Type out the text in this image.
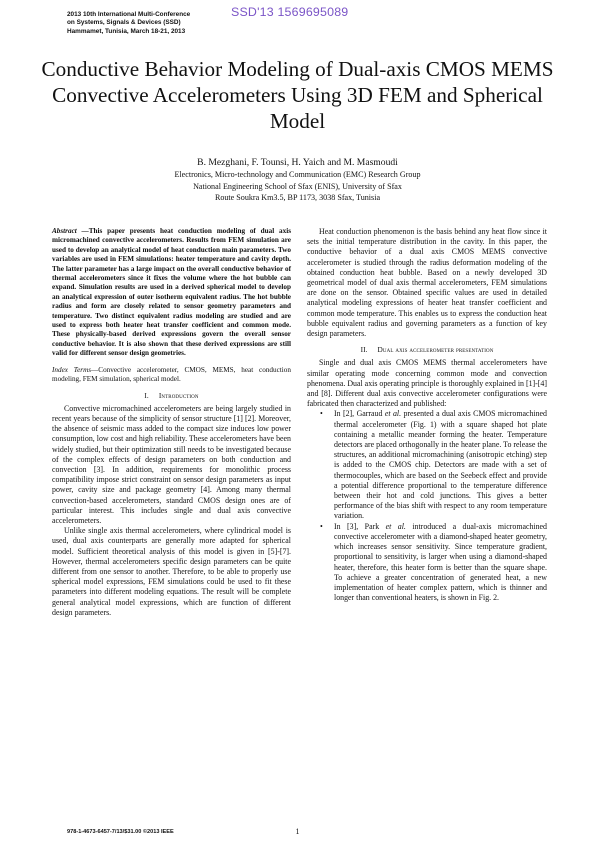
2013 10th International Multi-Conference
on Systems, Signals & Devices (SSD)
Hammamet, Tunisia, March 18-21, 2013
SSD'13 1569695089
Conductive Behavior Modeling of Dual-axis CMOS MEMS Convective Accelerometers Using 3D FEM and Spherical Model
B. Mezghani, F. Tounsi, H. Yaich and M. Masmoudi
Electronics, Micro-technology and Communication (EMC) Research Group
National Engineering School of Sfax (ENIS), University of Sfax
Route Soukra Km3.5, BP 1173, 3038 Sfax, Tunisia
Abstract —This paper presents heat conduction modeling of dual axis micromachined convective accelerometers. Results from FEM simulation are used to develop an analytical model of heat conduction main parameters. Two variables are used in FEM simulations: heater temperature and cavity depth. The latter parameter has a large impact on the overall conductive behavior of thermal accelerometers since it fixes the volume where the hot bubble can expand. Simulation results are used in a derived spherical model to develop an analytical expression of outer isotherm equivalent radius. The hot bubble radius and form are closely related to sensor geometry parameters and temperature. Two distinct equivalent radius modeling are studied and are used to express both heater heat transfer coefficient and common mode. These physically-based derived expressions govern the overall sensor conductive behavior. It is also shown that these derived expressions are still valid for different sensor design geometries.
Index Terms—Convective accelerometer, CMOS, MEMS, heat conduction modeling, FEM simulation, spherical model.
I. Introduction

Convective micromachined accelerometers are being largely studied in recent years because of the simplicity of sensor structure [1] [2]. Moreover, the absence of seismic mass added to the compact size induces low power consumption, low cost and high reliability. These accelerometers have been widely studied, but their optimization still needs to be investigated because of the complex effects of design parameters on both conduction and convection [3]. In addition, requirements for monolithic process compatibility impose strict constraint on sensor design parameters as input power, cavity size and package geometry [4]. Among many thermal convection-based accelerometers, standard CMOS design ones are of particular interest. This includes single and dual axis convective accelerometers.

Unlike single axis thermal accelerometers, where cylindrical model is used, dual axis counterparts are generally more adapted for spherical model. Sufficient theoretical analysis of this model is given in [5]-[7]. However, thermal accelerometers specific design parameters can be quite different from one sensor to another. Therefore, to be able to properly use spherical model expressions, FEM simulations could be used to fit these parameters into different modeling equations. The result will be complete general analytical model expressions, which are function of different design parameters.

Heat conduction phenomenon is the basis behind any heat flow since it sets the initial temperature distribution in the cavity. In this paper, the conductive behavior of a dual axis CMOS MEMS convective accelerometer is studied through the radius deformation modeling of the obtained conduction heat bubble. Based on a newly developed 3D geometrical model of dual axis thermal accelerometers, FEM simulations are done on the sensor. Obtained specific values are used in detailed analytical modeling expressions of heater heat transfer coefficient and common mode temperature. This enables us to express the conduction heat bubble equivalent radius and governing parameters as a function of key design parameters.

II. Dual axis accelerometer presentation

Single and dual axis CMOS MEMS thermal accelerometers have similar operating mode concerning common mode and convection phenomena. Dual axis operating principle is thoroughly explained in [1]-[4] and [8]. Different dual axis convective accelerometer configurations were fabricated then characterized and published:

• In [2], Garraud et al. presented a dual axis CMOS micromachined thermal accelerometer (Fig. 1) with a square shaped hot plate containing a metallic meander forming the heater. Temperature detectors are placed orthogonally in the heater plane. To release the structures, an additional micromachining (anisotropic etching) step is added to the CMOS chip. Detectors are made with a set of thermocouples, which are based on the Seebeck effect and provide a potential difference proportional to the temperature difference between their hot and cold junctions. This gives a better performance of the bias shift with respect to any room temperature variation.
• In [3], Park et al. introduced a dual-axis micromachined convective accelerometer with a diamond-shaped heater geometry, which increases sensor sensitivity. Since temperature gradient, proportional to sensitivity, is larger when using a diamond-shaped heater, therefore, this heater form is better than the square shape. To achieve a greater concentration of generated heat, a new implementation of heater complex pattern, which is thinner and longer than conventional heaters, is shown in Fig. 2.
978-1-4673-6457-7/13/$31.00 ©2013 IEEE	1
